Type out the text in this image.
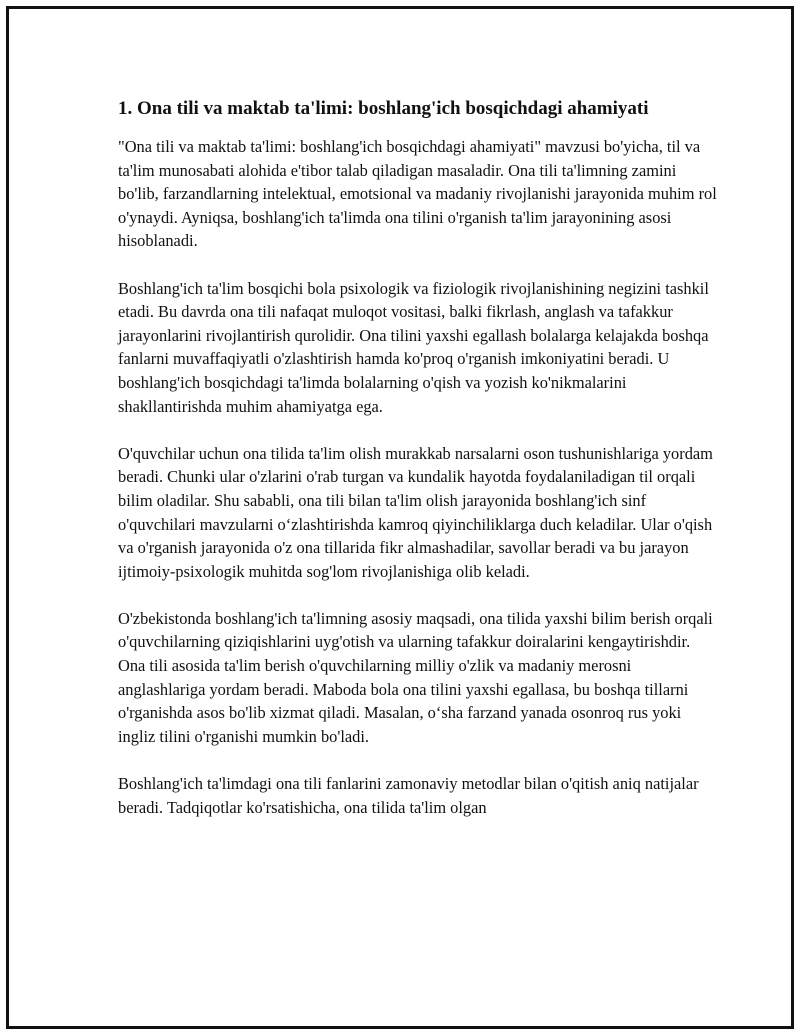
1. Ona tili va maktab ta'limi: boshlang'ich bosqichdagi ahamiyati

"Ona tili va maktab ta'limi: boshlang'ich bosqichdagi ahamiyati" mavzusi bo'yicha, til va ta'lim munosabati alohida e'tibor talab qiladigan masaladir. Ona tili ta'limning zamini bo'lib, farzandlarning intelektual, emotsional va madaniy rivojlanishi jarayonida muhim rol o'ynaydi. Ayniqsa, boshlang'ich ta'limda ona tilini o'rganish ta'lim jarayonining asosi hisoblanadi.

Boshlang'ich ta'lim bosqichi bola psixologik va fiziologik rivojlanishining negizini tashkil etadi. Bu davrda ona tili nafaqat muloqot vositasi, balki fikrlash, anglash va tafakkur jarayonlarini rivojlantirish qurolidir. Ona tilini yaxshi egallash bolalarga kelajakda boshqa fanlarni muvaffaqiyatli o'zlashtirish hamda ko'proq o'rganish imkoniyatini beradi. U boshlang'ich bosqichdagi ta'limda bolalarning o'qish va yozish ko'nikmalarini shakllantirishda muhim ahamiyatga ega.

O'quvchilar uchun ona tilida ta'lim olish murakkab narsalarni oson tushunishlariga yordam beradi. Chunki ular o'zlarini o'rab turgan va kundalik hayotda foydalaniladigan til orqali bilim oladilar. Shu sababli, ona tili bilan ta'lim olish jarayonida boshlang'ich sinf o'quvchilari mavzularni o‘zlashtirishda kamroq qiyinchiliklarga duch keladilar. Ular o'qish va o'rganish jarayonida o'z ona tillarida fikr almashadilar, savollar beradi va bu jarayon ijtimoiy-psixologik muhitda sog'lom rivojlanishiga olib keladi.

O'zbekistonda boshlang'ich ta'limning asosiy maqsadi, ona tilida yaxshi bilim berish orqali o'quvchilarning qiziqishlarini uyg'otish va ularning tafakkur doiralarini kengaytirishdir. Ona tili asosida ta'lim berish o'quvchilarning milliy o'zlik va madaniy merosni anglashlariga yordam beradi. Maboda bola ona tilini yaxshi egallasa, bu boshqa tillarni o'rganishda asos bo'lib xizmat qiladi. Masalan, o‘sha farzand yanada osonroq rus yoki ingliz tilini o'rganishi mumkin bo'ladi.

Boshlang'ich ta'limdagi ona tili fanlarini zamonaviy metodlar bilan o'qitish aniq natijalar beradi. Tadqiqotlar ko'rsatishicha, ona tilida ta'lim olgan
